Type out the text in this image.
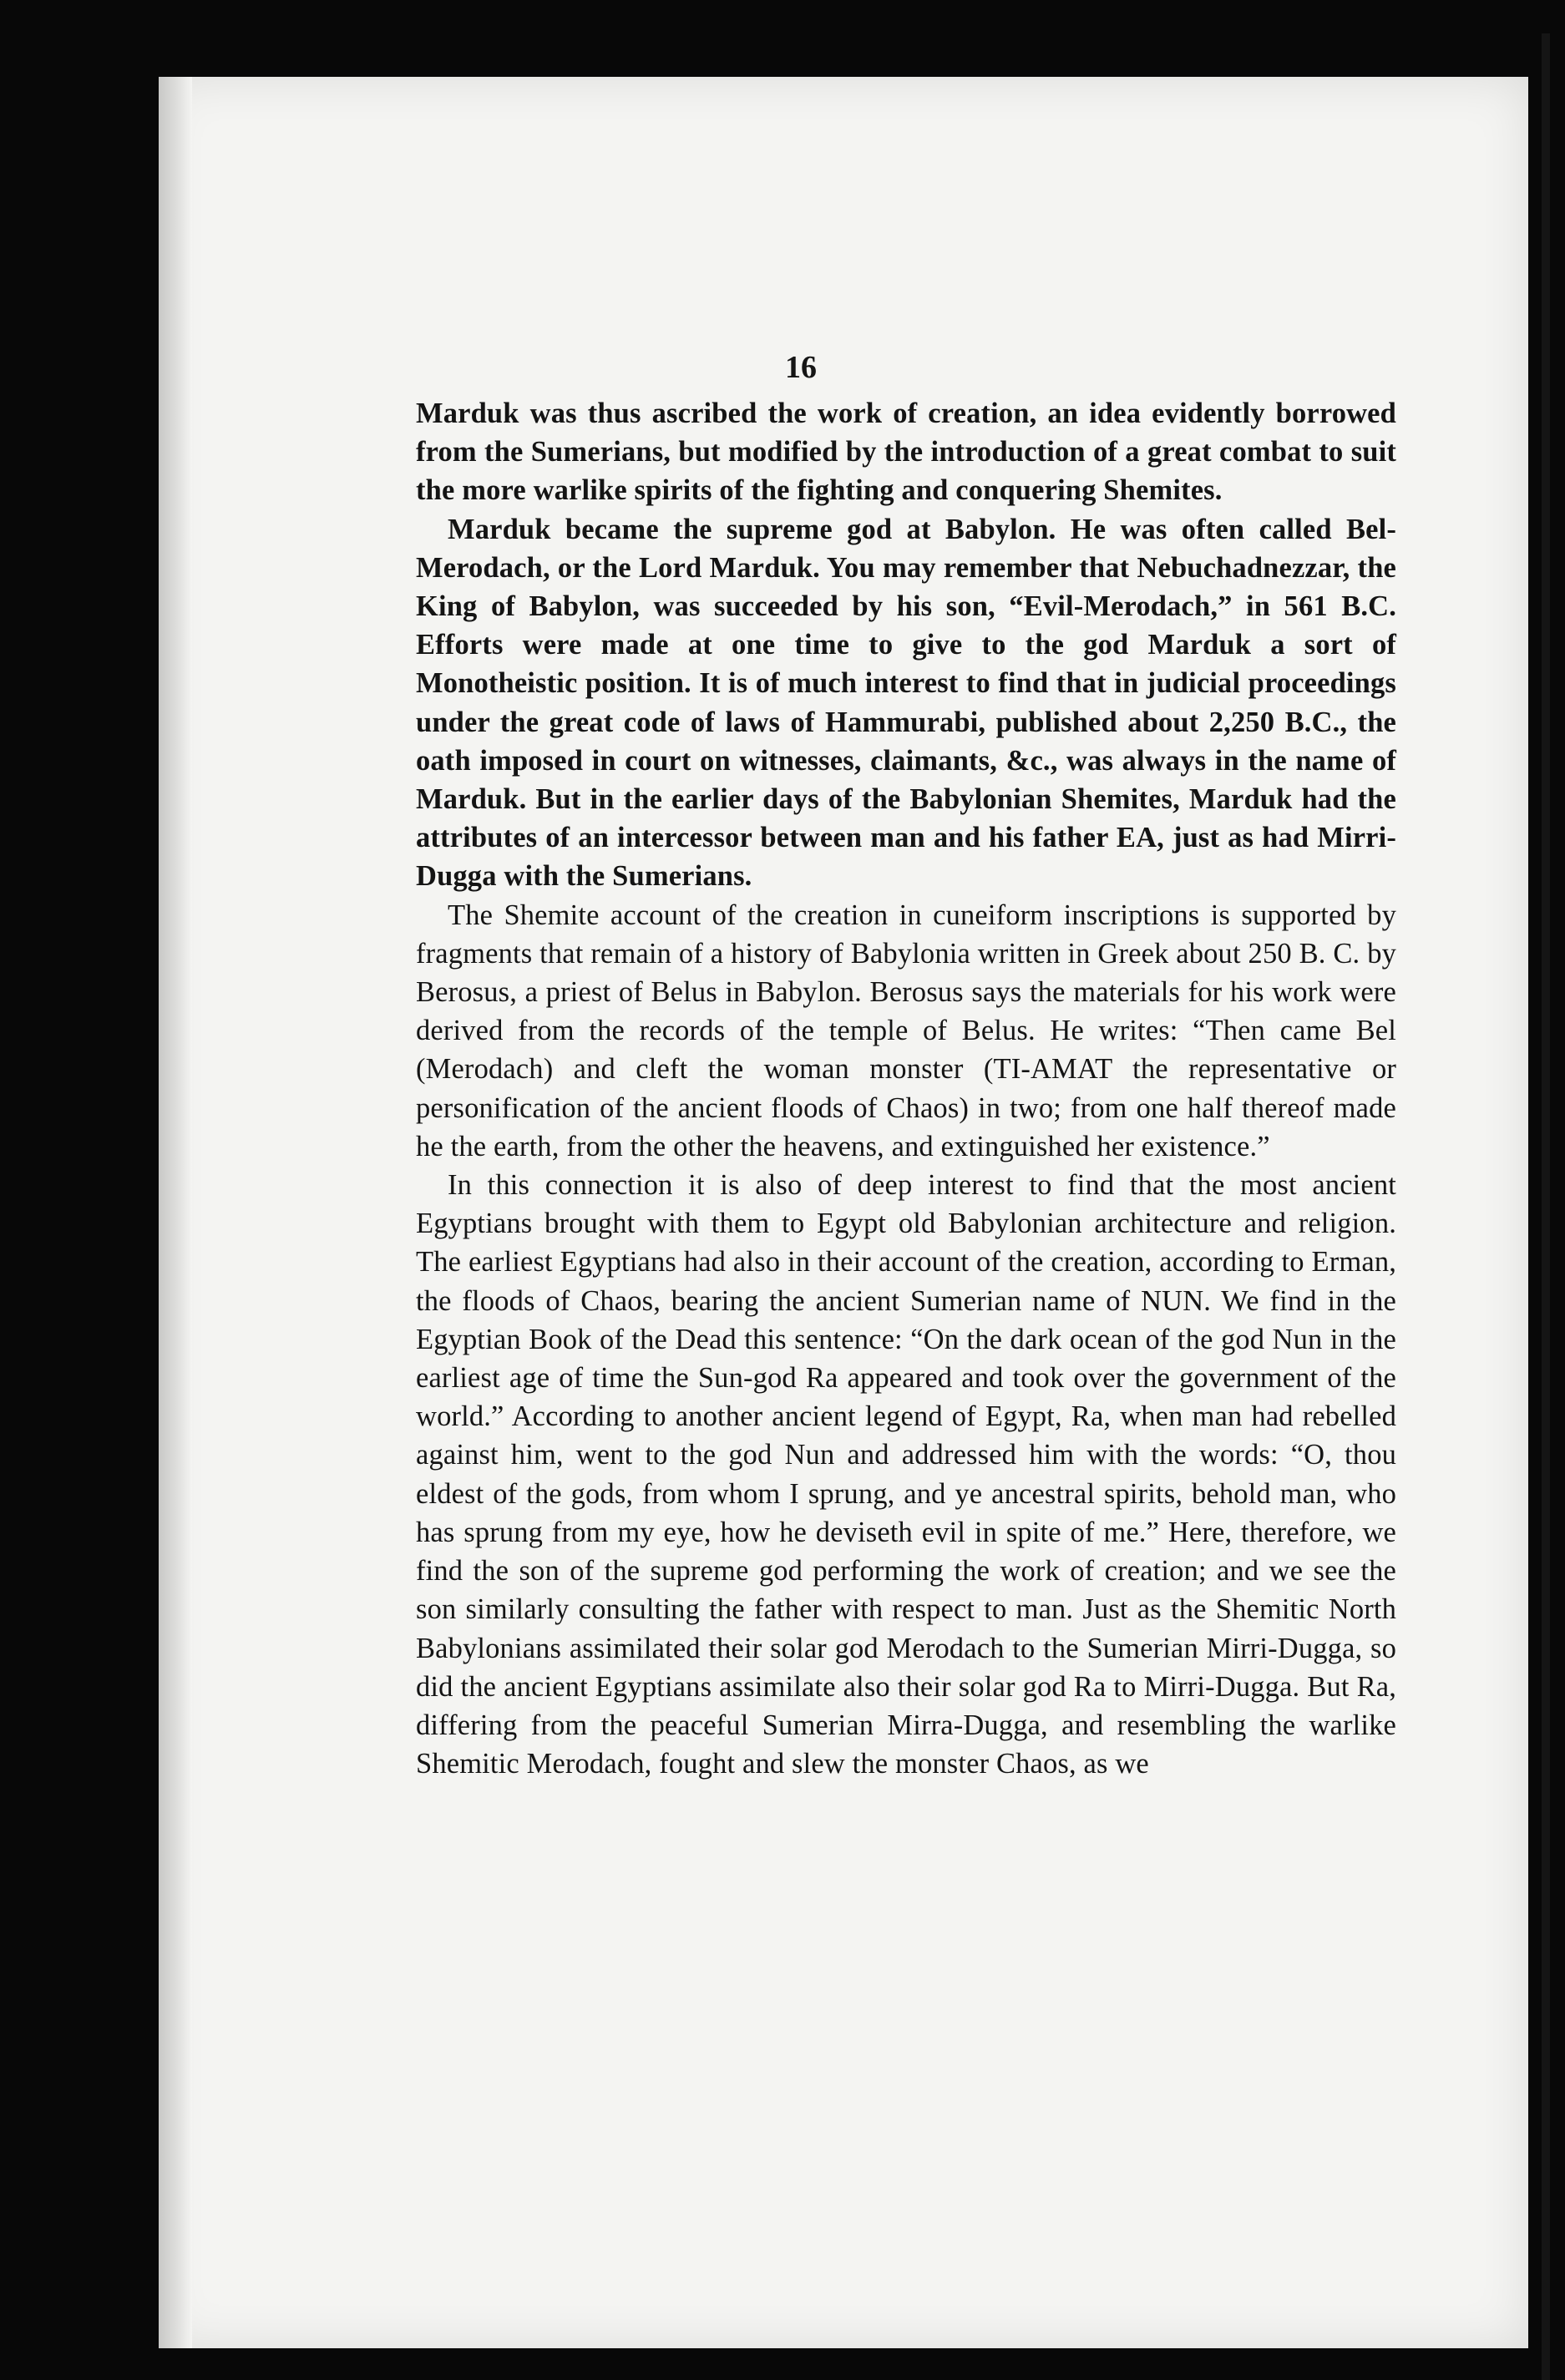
16

Marduk was thus ascribed the work of creation, an idea evidently borrowed from the Sumerians, but modified by the introduction of a great combat to suit the more warlike spirits of the fighting and conquering Shemites.

Marduk became the supreme god at Babylon. He was often called Bel-Merodach, or the Lord Marduk. You may remember that Nebuchadnezzar, the King of Babylon, was succeeded by his son, “Evil-Merodach,” in 561 B.C. Efforts were made at one time to give to the god Marduk a sort of Monotheistic position. It is of much interest to find that in judicial proceedings under the great code of laws of Hammurabi, published about 2,250 B.C., the oath imposed in court on witnesses, claimants, &c., was always in the name of Marduk. But in the earlier days of the Babylonian Shemites, Marduk had the attributes of an intercessor between man and his father EA, just as had Mirri-Dugga with the Sumerians.

The Shemite account of the creation in cuneiform inscriptions is supported by fragments that remain of a history of Babylonia written in Greek about 250 B. C. by Berosus, a priest of Belus in Babylon. Berosus says the materials for his work were derived from the records of the temple of Belus. He writes: “Then came Bel (Merodach) and cleft the woman monster (TI-AMAT the representative or personification of the ancient floods of Chaos) in two; from one half thereof made he the earth, from the other the heavens, and extinguished her existence.”

In this connection it is also of deep interest to find that the most ancient Egyptians brought with them to Egypt old Babylonian architecture and religion. The earliest Egyptians had also in their account of the creation, according to Erman, the floods of Chaos, bearing the ancient Sumerian name of NUN. We find in the Egyptian Book of the Dead this sentence: “On the dark ocean of the god Nun in the earliest age of time the Sun-god Ra appeared and took over the government of the world.” According to another ancient legend of Egypt, Ra, when man had rebelled against him, went to the god Nun and addressed him with the words: “O, thou eldest of the gods, from whom I sprung, and ye ancestral spirits, behold man, who has sprung from my eye, how he deviseth evil in spite of me.” Here, therefore, we find the son of the supreme god performing the work of creation; and we see the son similarly consulting the father with respect to man. Just as the Shemitic North Babylonians assimilated their solar god Merodach to the Sumerian Mirri-Dugga, so did the ancient Egyptians assimilate also their solar god Ra to Mirri-Dugga. But Ra, differing from the peaceful Sumerian Mirra-Dugga, and resembling the warlike Shemitic Merodach, fought and slew the monster Chaos, as we
